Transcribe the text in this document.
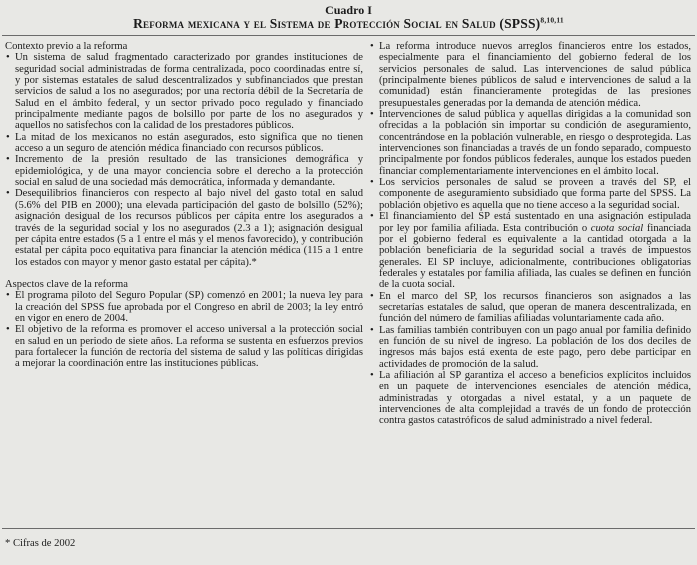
Cuadro I
Reforma mexicana y el Sistema de Protección Social en Salud (SPSS)$^{8,10,11}$

Contexto previo a la reforma

• Un sistema de salud fragmentado caracterizado por grandes instituciones de seguridad social administradas de forma centralizada, poco coordinadas entre sí, y por sistemas estatales de salud descentralizados y subfinanciados que prestan servicios de salud a los no asegurados; por una rectoría débil de la Secretaría de Salud en el ámbito federal, y un sector privado poco regulado y financiado principalmente mediante pagos de bolsillo por parte de los no asegurados y aquellos no satisfechos con la calidad de los prestadores públicos.
• La mitad de los mexicanos no están asegurados, esto significa que no tienen acceso a un seguro de atención médica financiado con recursos públicos.
• Incremento de la presión resultado de las transiciones demográfica y epidemiológica, y de una mayor conciencia sobre el derecho a la protección social en salud de una sociedad más democrática, informada y demandante.
• Desequilibrios financieros con respecto al bajo nivel del gasto total en salud (5.6% del PIB en 2000); una elevada participación del gasto de bolsillo (52%); asignación desigual de los recursos públicos per cápita entre los asegurados a través de la seguridad social y los no asegurados (2.3 a 1); asignación desigual per cápita entre estados (5 a 1 entre el más y el menos favorecido), y contribución estatal per cápita poco equitativa para financiar la atención médica (115 a 1 entre los estados con mayor y menor gasto estatal per cápita).*

Aspectos clave de la reforma

• El programa piloto del Seguro Popular (SP) comenzó en 2001; la nueva ley para la creación del SPSS fue aprobada por el Congreso en abril de 2003; la ley entró en vigor en enero de 2004.
• El objetivo de la reforma es promover el acceso universal a la protección social en salud en un periodo de siete años. La reforma se sustenta en esfuerzos previos para fortalecer la función de rectoría del sistema de salud y las políticas dirigidas a mejorar la coordinación entre las instituciones públicas.
• La reforma introduce nuevos arreglos financieros entre los estados, especialmente para el financiamiento del gobierno federal de los servicios personales de salud. Las intervenciones de salud pública (principalmente bienes públicos de salud e intervenciones de salud a la comunidad) están financieramente protegidas de las presiones presupuestales generadas por la demanda de atención médica.
• Intervenciones de salud pública y aquellas dirigidas a la comunidad son ofrecidas a la población sin importar su condición de aseguramiento, concentrándose en la población vulnerable, en riesgo o desprotegida. Las intervenciones son financiadas a través de un fondo separado, compuesto principalmente por fondos públicos federales, aunque los estados pueden financiar complementariamente intervenciones en el ámbito local.
• Los servicios personales de salud se proveen a través del SP, el componente de aseguramiento subsidiado que forma parte del SPSS. La población objetivo es aquella que no tiene acceso a la seguridad social.
• El financiamiento del SP está sustentado en una asignación estipulada por ley por familia afiliada. Esta contribución o cuota social financiada por el gobierno federal es equivalente a la cantidad otorgada a la población beneficiaria de la seguridad social a través de impuestos generales. El SP incluye, adicionalmente, contribuciones obligatorias federales y estatales por familia afiliada, las cuales se definen en función de la cuota social.
• En el marco del SP, los recursos financieros son asignados a las secretarías estatales de salud, que operan de manera descentralizada, en función del número de familias afiliadas voluntariamente cada año.
• Las familias también contribuyen con un pago anual por familia definido en función de su nivel de ingreso. La población de los dos deciles de ingresos más bajos está exenta de este pago, pero debe participar en actividades de promoción de la salud.
• La afiliación al SP garantiza el acceso a beneficios explícitos incluidos en un paquete de intervenciones esenciales de atención médica, administradas y otorgadas a nivel estatal, y a un paquete de intervenciones de alta complejidad a través de un fondo de protección contra gastos catastróficos de salud administrado a nivel federal.
* Cifras de 2002
